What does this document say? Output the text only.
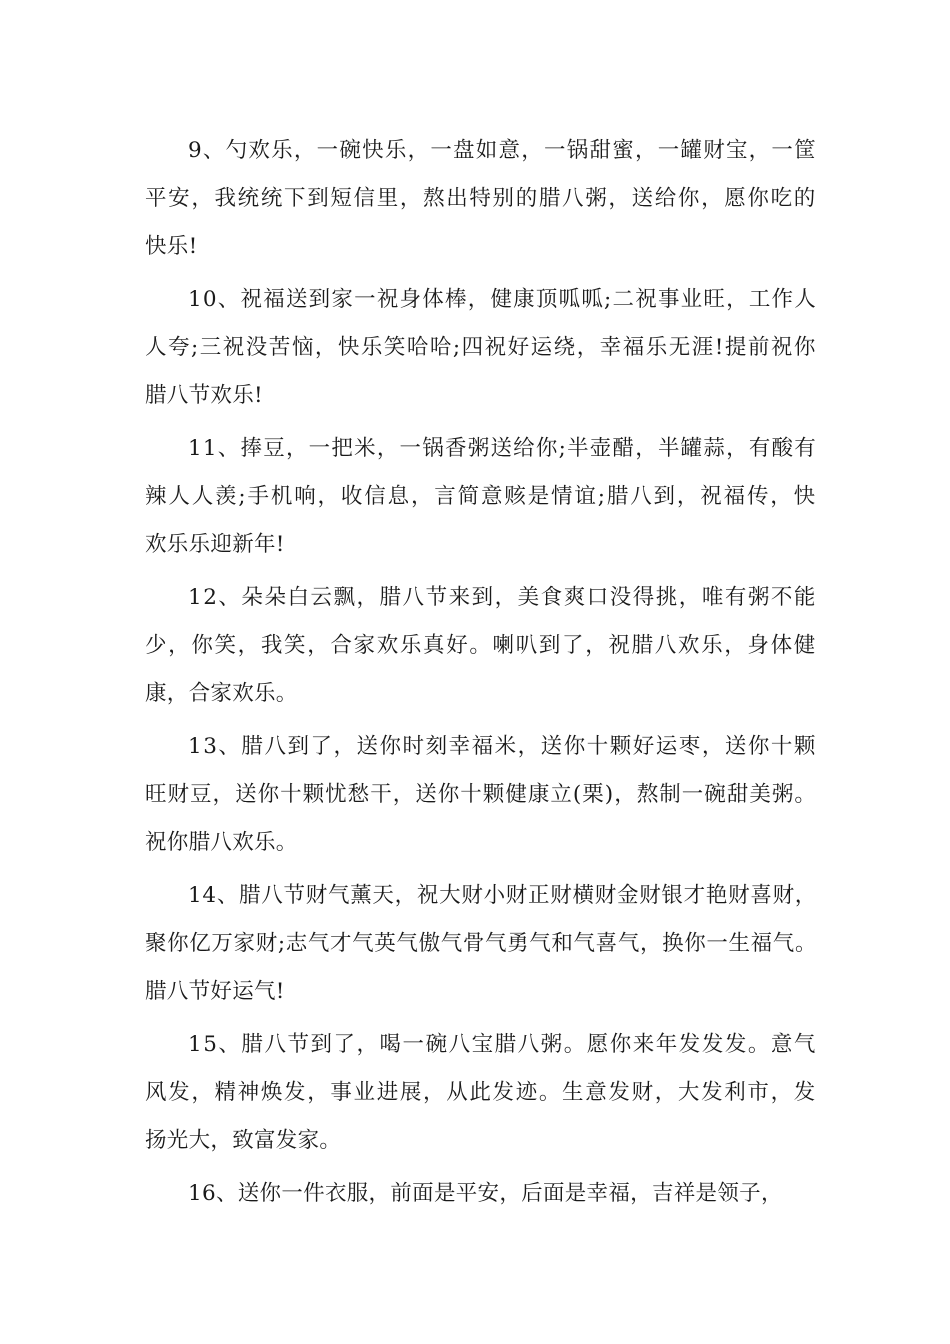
9、勺欢乐，一碗快乐，一盘如意，一锅甜蜜，一罐财宝，一筐
平安，我统统下到短信里，熬出特别的腊八粥，送给你，愿你吃的
快乐!
10、祝福送到家一祝身体棒，健康顶呱呱;二祝事业旺，工作人
人夸;三祝没苦恼，快乐笑哈哈;四祝好运绕，幸福乐无涯!提前祝你
腊八节欢乐!
11、捧豆，一把米，一锅香粥送给你;半壶醋，半罐蒜，有酸有
辣人人羡;手机响，收信息，言简意赅是情谊;腊八到，祝福传，快
欢乐乐迎新年!
12、朵朵白云飘，腊八节来到，美食爽口没得挑，唯有粥不能
少，你笑，我笑，合家欢乐真好。喇叭到了，祝腊八欢乐，身体健
康，合家欢乐。
13、腊八到了，送你时刻幸福米，送你十颗好运枣，送你十颗
旺财豆，送你十颗忧愁干，送你十颗健康立(栗)，熬制一碗甜美粥。
祝你腊八欢乐。
14、腊八节财气薰天，祝大财小财正财横财金财银才艳财喜财，
聚你亿万家财;志气才气英气傲气骨气勇气和气喜气，换你一生福气。
腊八节好运气!
15、腊八节到了，喝一碗八宝腊八粥。愿你来年发发发。意气
风发，精神焕发，事业进展，从此发迹。生意发财，大发利市，发
扬光大，致富发家。
16、送你一件衣服，前面是平安，后面是幸福，吉祥是领子，
